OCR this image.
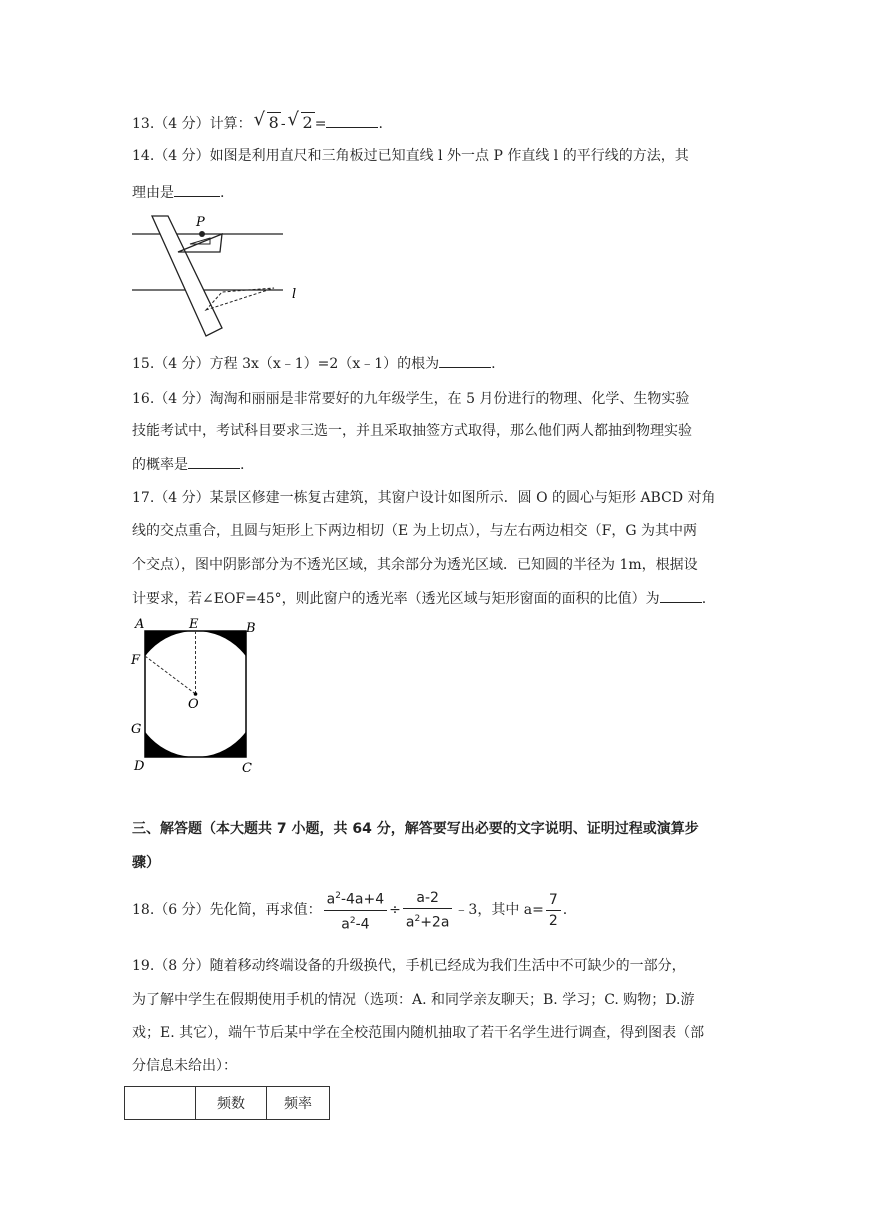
13.（4 分）计算： √ 8 - √ 2 =	.
14.（4 分）如图是利用直尺和三角板过已知直线 l 外一点 P 作直线 l 的平行线的方法，其
理由是	.
P
l
15.（4 分）方程 3x（x﹣1）=2（x﹣1）的根为	.
16.（4 分）淘淘和丽丽是非常要好的九年级学生，在 5 月份进行的物理、化学、生物实验
技能考试中，考试科目要求三选一，并且采取抽签方式取得，那么他们两人都抽到物理实验
的概率是	.
17.（4 分）某景区修建一栋复古建筑，其窗户设计如图所示．圆 O 的圆心与矩形 ABCD 对角
线的交点重合，且圆与矩形上下两边相切（E 为上切点），与左右两边相交（F，G 为其中两
个交点），图中阴影部分为不透光区域，其余部分为透光区域．已知圆的半径为 1m，根据设
计要求，若∠EOF=45°，则此窗户的透光率（透光区域与矩形窗面的面积的比值）为	.
A	E	B
F
O
G
D	C
三、解答题（本大题共 7 小题，共 64 分，解答要写出必要的文字说明、证明过程或演算步
骤）
18.（6 分）先化简，再求值： $\frac{a^2-4a+4}{a^2-4} \div \frac{a-2}{a^2+2a}$ ﹣3，其中 $a= \frac{7}{2}$ .
19.（8 分）随着移动终端设备的升级换代，手机已经成为我们生活中不可缺少的一部分，
为了解中学生在假期使用手机的情况（选项：A. 和同学亲友聊天；B. 学习；C. 购物；D.游
戏；E. 其它），端午节后某中学在全校范围内随机抽取了若干名学生进行调查，得到图表（部
分信息未给出）：
	频数	频率
